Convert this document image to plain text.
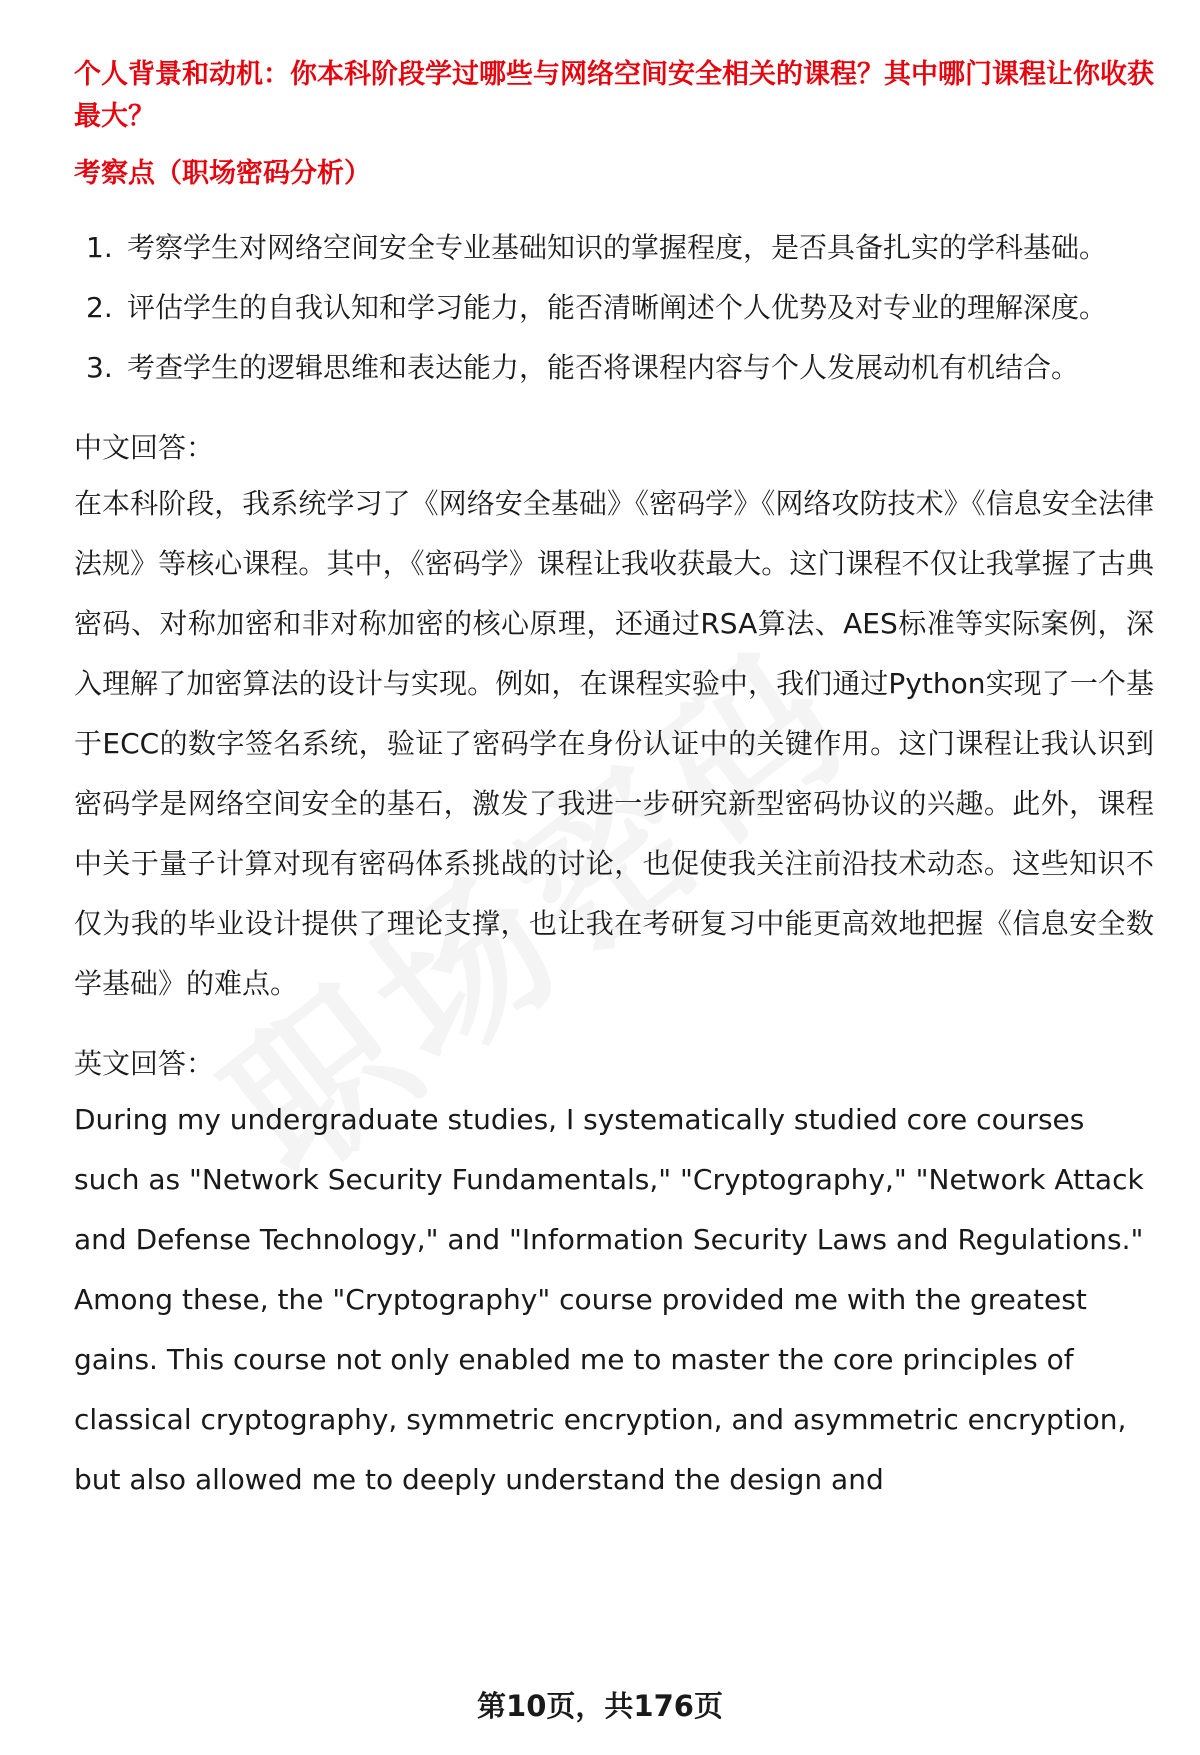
个人背景和动机：你本科阶段学过哪些与网络空间安全相关的课程？其中哪门课程让你收获最大？

考察点（职场密码分析）

1. 考察学生对网络空间安全专业基础知识的掌握程度，是否具备扎实的学科基础。
2. 评估学生的自我认知和学习能力，能否清晰阐述个人优势及对专业的理解深度。
3. 考查学生的逻辑思维和表达能力，能否将课程内容与个人发展动机有机结合。

中文回答：

在本科阶段，我系统学习了《网络安全基础》《密码学》《网络攻防技术》《信息安全法律法规》等核心课程。其中，《密码学》课程让我收获最大。这门课程不仅让我掌握了古典密码、对称加密和非对称加密的核心原理，还通过RSA算法、AES标准等实际案例，深入理解了加密算法的设计与实现。例如，在课程实验中，我们通过Python实现了一个基于ECC的数字签名系统，验证了密码学在身份认证中的关键作用。这门课程让我认识到密码学是网络空间安全的基石，激发了我进一步研究新型密码协议的兴趣。此外，课程中关于量子计算对现有密码体系挑战的讨论，也促使我关注前沿技术动态。这些知识不仅为我的毕业设计提供了理论支撑，也让我在考研复习中能更高效地把握《信息安全数学基础》的难点。

英文回答：

During my undergraduate studies, I systematically studied core courses such as "Network Security Fundamentals," "Cryptography," "Network Attack and Defense Technology," and "Information Security Laws and Regulations." Among these, the "Cryptography" course provided me with the greatest gains. This course not only enabled me to master the core principles of classical cryptography, symmetric encryption, and asymmetric encryption, but also allowed me to deeply understand the design and

第10页，共176页
